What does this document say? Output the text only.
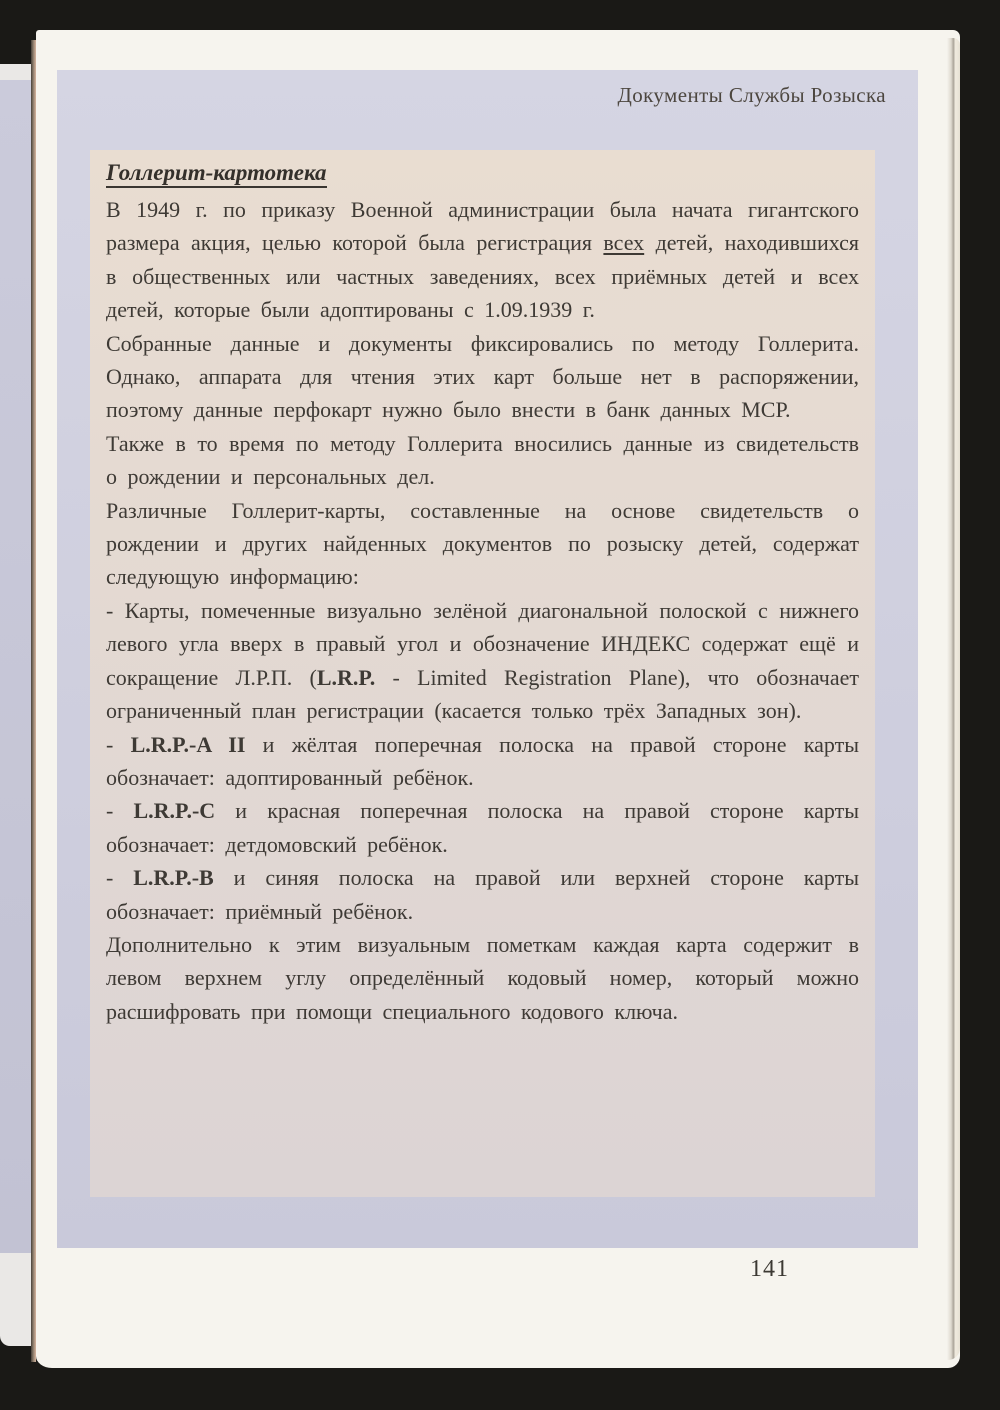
Документы Службы Розыска
Голлерит-картотека

В 1949 г. по приказу Военной администрации была начата гигантского размера акция, целью которой была регистрация всех детей, находившихся в общественных или частных заведениях, всех приёмных детей и всех детей, которые были адоптированы с 1.09.1939 г.

Собранные данные и документы фиксировались по методу Голлерита. Однако, аппарата для чтения этих карт больше нет в распоряжении, поэтому данные перфокарт нужно было внести в банк данных МСР.

Также в то время по методу Голлерита вносились данные из свидетельств о рождении и персональных дел.

Различные Голлерит-карты, составленные на основе свидетельств о рождении и других найденных документов по розыску детей, содержат следующую информацию:

- Карты, помеченные визуально зелёной диагональной полоской с нижнего левого угла вверх в правый угол и обозначение ИНДЕКС содержат ещё и сокращение Л.Р.П. (L.R.P. - Limited Registration Plane), что обозначает ограниченный план регистрации (касается только трёх Западных зон).

- L.R.P.-A II и жёлтая поперечная полоска на правой стороне карты обозначает: адоптированный ребёнок.

- L.R.P.-C и красная поперечная полоска на правой стороне карты обозначает: детдомовский ребёнок.

- L.R.P.-B и синяя полоска на правой или верхней стороне карты обозначает: приёмный ребёнок.

Дополнительно к этим визуальным пометкам каждая карта содержит в левом верхнем углу определённый кодовый номер, который можно расшифровать при помощи специального кодового ключа.

141
